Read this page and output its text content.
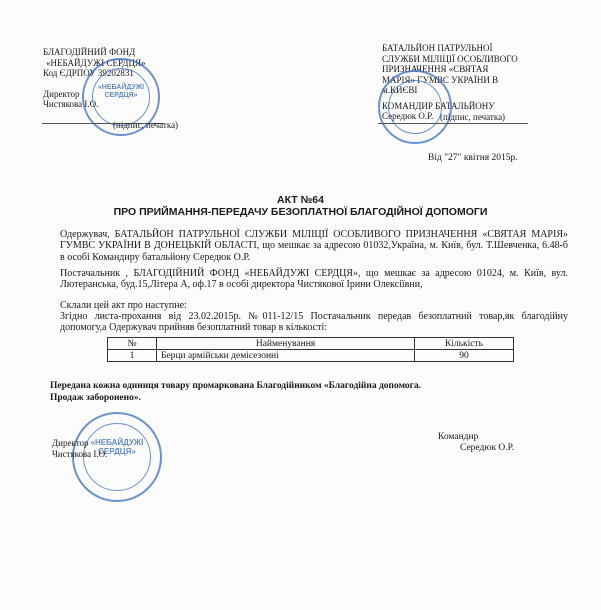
БЛАГОДІЙНИЙ ФОНД
«НЕБАЙДУЖІ СЕРДЦЯ»
Код ЄДРПОУ 39202831
Директор
Чистякова І.О.
«НЕБАЙДУЖІ СЕРДЦЯ»
(підпис, печатка)
БАТАЛЬЙОН ПАТРУЛЬНОЇ
СЛУЖБИ МІЛІЦІЇ ОСОБЛИВОГО
ПРИЗНАЧЕННЯ «СВЯТАЯ
МАРІЯ» ГУМВС УКРАЇНИ В
м.КИЄВІ
КОМАНДИР БАТАЛЬЙОНУ
Середюк О.Р. (підпис, печатка)
Від "27" квітня 2015р.
АКТ №64
ПРО ПРИЙМАННЯ-ПЕРЕДАЧУ БЕЗОПЛАТНОЇ БЛАГОДІЙНОЇ ДОПОМОГИ
Одержувач, БАТАЛЬЙОН ПАТРУЛЬНОЇ СЛУЖБИ МІЛІЦІЇ ОСОБЛИВОГО ПРИЗНАЧЕННЯ «СВЯТАЯ МАРІЯ» ГУМВС УКРАЇНИ В ДОНЕЦЬКІЙ ОБЛАСТІ, що мешкає за адресою 01032,Україна, м. Київ, бул. Т.Шевченка, 6.48-б в особі Командиру батальйону Середюк О.Р.
Постачальник , БЛАГОДІЙНИЙ ФОНД «НЕБАЙДУЖІ СЕРДЦЯ», що мешкає за адресою 01024, м. Київ, вул. Лютеранська, буд.15,Літера А, оф.17 в особі директора Чистякової Ірини Олексіївни,
Склали цей акт про наступне:
Згідно листа-прохання від 23.02.2015р. №011-12/15 Постачальник передав безоплатний товар,як благодійну допомогу,а Одержувач прийняв безоплатний товар в кількості:
№	Найменування	Кількість
1	Берци армійськи демісезонні	90
Передана кожна одиниця товару промаркована Благодійником «Благодійна допомога.
Продаж заборонено».
«НЕБАЙДУЖІ СЕРДЦЯ»
Директор
Чистякова І.О.
Командир
Середюк О.Р.
